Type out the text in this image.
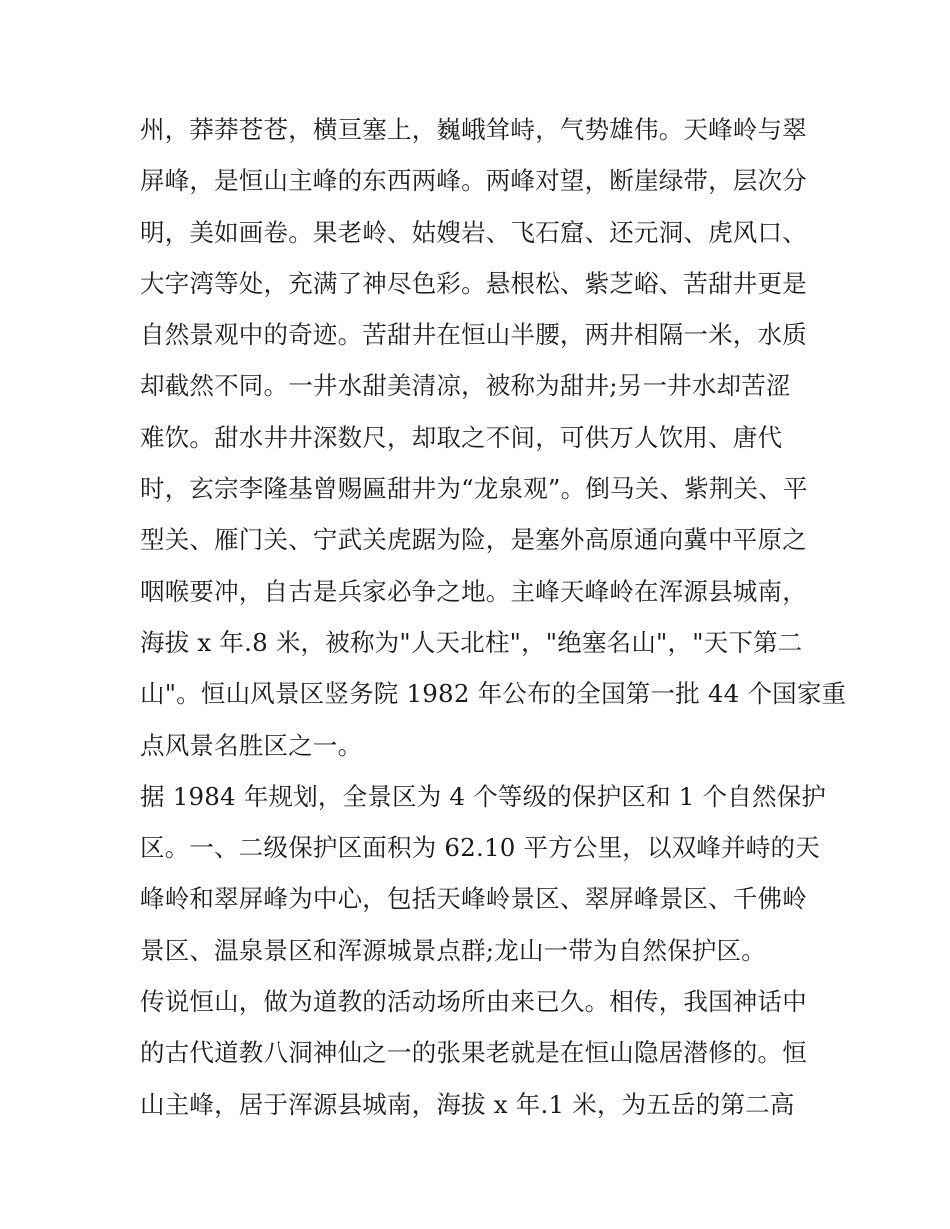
州，莽莽苍苍，横亘塞上，巍峨耸峙，气势雄伟。天峰岭与翠
屏峰，是恒山主峰的东西两峰。两峰对望，断崖绿带，层次分
明，美如画卷。果老岭、姑嫂岩、飞石窟、还元洞、虎风口、
大字湾等处，充满了神尽色彩。悬根松、紫芝峪、苦甜井更是
自然景观中的奇迹。苦甜井在恒山半腰，两井相隔一米，水质
却截然不同。一井水甜美清凉，被称为甜井;另一井水却苦涩
难饮。甜水井井深数尺，却取之不间，可供万人饮用、唐代
时，玄宗李隆基曾赐匾甜井为“龙泉观”。倒马关、紫荆关、平
型关、雁门关、宁武关虎踞为险，是塞外高原通向冀中平原之
咽喉要冲，自古是兵家必争之地。主峰天峰岭在浑源县城南，
海拔 x 年.8 米，被称为"人天北柱"，"绝塞名山"，"天下第二
山"。恒山风景区竖务院 1982 年公布的全国第一批 44 个国家重
点风景名胜区之一。
据 1984 年规划，全景区为 4 个等级的保护区和 1 个自然保护
区。一、二级保护区面积为 62.10 平方公里，以双峰并峙的天
峰岭和翠屏峰为中心，包括天峰岭景区、翠屏峰景区、千佛岭
景区、温泉景区和浑源城景点群;龙山一带为自然保护区。
传说恒山，做为道教的活动场所由来已久。相传，我国神话中
的古代道教八洞神仙之一的张果老就是在恒山隐居潜修的。恒
山主峰，居于浑源县城南，海拔 x 年.1 米，为五岳的第二高
